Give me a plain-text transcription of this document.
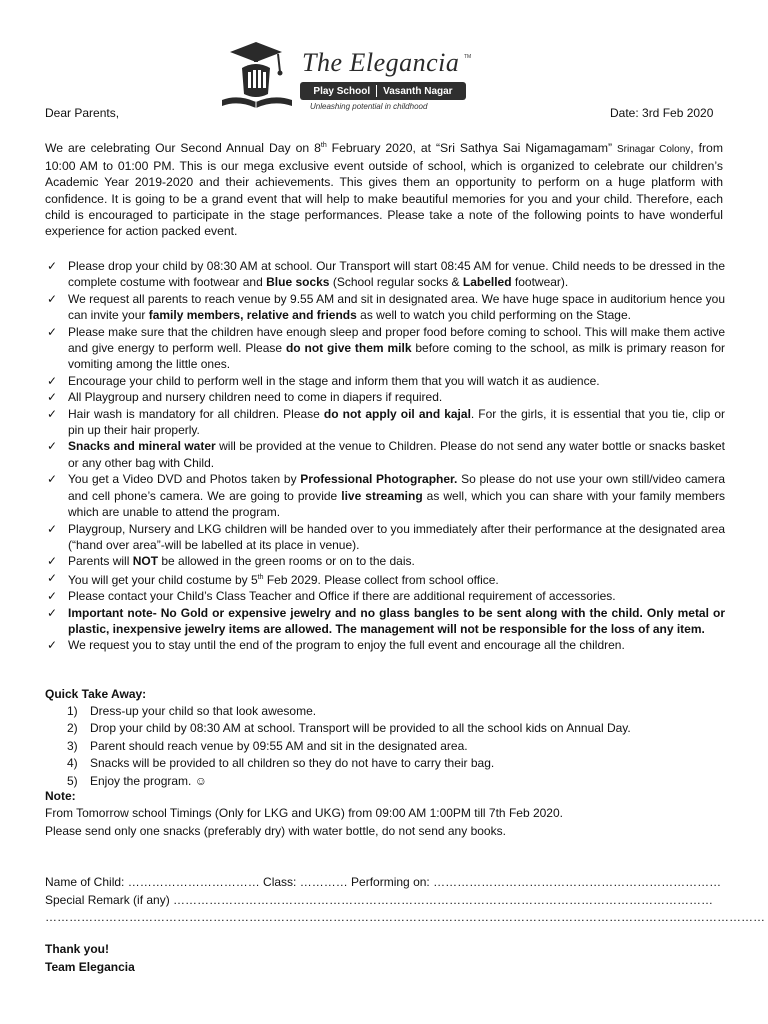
The Elegancia TM
Play School Vasanth Nagar
Unleashing potential in childhood
Dear Parents,	Date: 3rd Feb 2020

We are celebrating Our Second Annual Day on 8th February 2020, at “Sri Sathya Sai Nigamagamam” Srinagar Colony, from 10:00 AM to 01:00 PM. This is our mega exclusive event outside of school, which is organized to celebrate our children’s Academic Year 2019-2020 and their achievements. This gives them an opportunity to perform on a huge platform with confidence. It is going to be a grand event that will help to make beautiful memories for you and your child. Therefore, each child is encouraged to participate in the stage performances. Please take a note of the following points to have wonderful experience for action packed event.

✓ Please drop your child by 08:30 AM at school. Our Transport will start 08:45 AM for venue. Child needs to be dressed in the complete costume with footwear and Blue socks (School regular socks & Labelled footwear).
✓ We request all parents to reach venue by 9.55 AM and sit in designated area. We have huge space in auditorium hence you can invite your family members, relative and friends as well to watch you child performing on the Stage.
✓ Please make sure that the children have enough sleep and proper food before coming to school. This will make them active and give energy to perform well. Please do not give them milk before coming to the school, as milk is primary reason for vomiting among the little ones.
✓ Encourage your child to perform well in the stage and inform them that you will watch it as audience.
✓ All Playgroup and nursery children need to come in diapers if required.
✓ Hair wash is mandatory for all children. Please do not apply oil and kajal. For the girls, it is essential that you tie, clip or pin up their hair properly.
✓ Snacks and mineral water will be provided at the venue to Children. Please do not send any water bottle or snacks basket or any other bag with Child.
✓ You get a Video DVD and Photos taken by Professional Photographer. So please do not use your own still/video camera and cell phone’s camera. We are going to provide live streaming as well, which you can share with your family members which are unable to attend the program.
✓ Playgroup, Nursery and LKG children will be handed over to you immediately after their performance at the designated area (“hand over area”-will be labelled at its place in venue).
✓ Parents will NOT be allowed in the green rooms or on to the dais.
✓ You will get your child costume by 5th Feb 2029. Please collect from school office.
✓ Please contact your Child’s Class Teacher and Office if there are additional requirement of accessories.
✓ Important note- No Gold or expensive jewelry and no glass bangles to be sent along with the child. Only metal or plastic, inexpensive jewelry items are allowed. The management will not be responsible for the loss of any item.
✓ We request you to stay until the end of the program to enjoy the full event and encourage all the children.
Quick Take Away:
1) Dress-up your child so that look awesome.
2) Drop your child by 08:30 AM at school. Transport will be provided to all the school kids on Annual Day.
3) Parent should reach venue by 09:55 AM and sit in the designated area.
4) Snacks will be provided to all children so they do not have to carry their bag.
5) Enjoy the program. ☺
Note:
From Tomorrow school Timings (Only for LKG and UKG) from 09:00 AM 1:00PM till 7th Feb 2020.
Please send only one snacks (preferably dry) with water bottle, do not send any books.
Name of Child: …………………………… Class: ………… Performing on: ………………………………………………………………
Special Remark (if any) ………………………………………………………………………………………………………………………
………………………………………………………………………………………………………………………………………………………………
Thank you!
Team Elegancia
